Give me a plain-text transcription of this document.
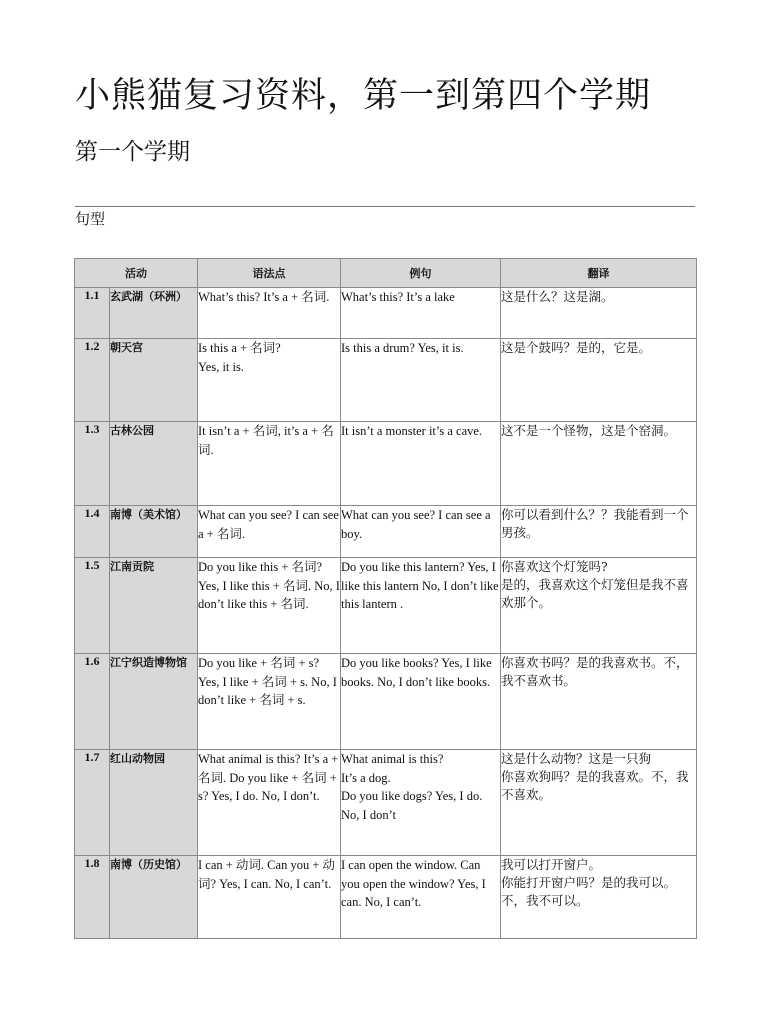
小熊猫复习资料，第一到第四个学期
第一个学期
句型
活动		语法点	例句	翻译
1.1	玄武湖（环洲）	What’s this? It’s a + 名词.	What’s this? It’s a lake	这是什么？这是湖。

1.2	朝天宫	Is this a + 名词?
Yes, it is.	Is this a drum? Yes, it is.	这是个鼓吗？是的，它是。

1.3	古林公园	It isn’t a + 名词, it’s a + 名词.	It isn’t a monster it’s a cave.	这不是一个怪物，这是个窑洞。

1.4	南博（美术馆）	What can you see? I can see a + 名词.	What can you see? I can see a boy.	你可以看到什么？？我能看到一个男孩。

1.5	江南贡院	Do you like this + 名词? Yes, I like this + 名词. No, I don’t like this + 名词.	Do you like this lantern? Yes, I like this lantern No, I don’t like this lantern .	你喜欢这个灯笼吗?
是的，我喜欢这个灯笼但是我不喜欢那个。

1.6	江宁织造博物馆	Do you like + 名词 + s? Yes, I like + 名词 + s. No, I don’t like + 名词 + s.	Do you like books? Yes, I like books. No, I don’t like books.	你喜欢书吗？是的我喜欢书。不，我不喜欢书。

1.7	红山动物园	What animal is this? It’s a + 名词. Do you like + 名词 + s? Yes, I do. No, I don’t.	What animal is this?
It’s a dog.
Do you like dogs? Yes, I do. No, I don’t	这是什么动物？这是一只狗
你喜欢狗吗？是的我喜欢。不，我不喜欢。

1.8	南博（历史馆）	I can + 动词. Can you + 动词? Yes, I can. No, I can’t.	I can open the window. Can you open the window? Yes, I can. No, I can’t.	我可以打开窗户。
你能打开窗户吗？是的我可以。不，我不可以。
